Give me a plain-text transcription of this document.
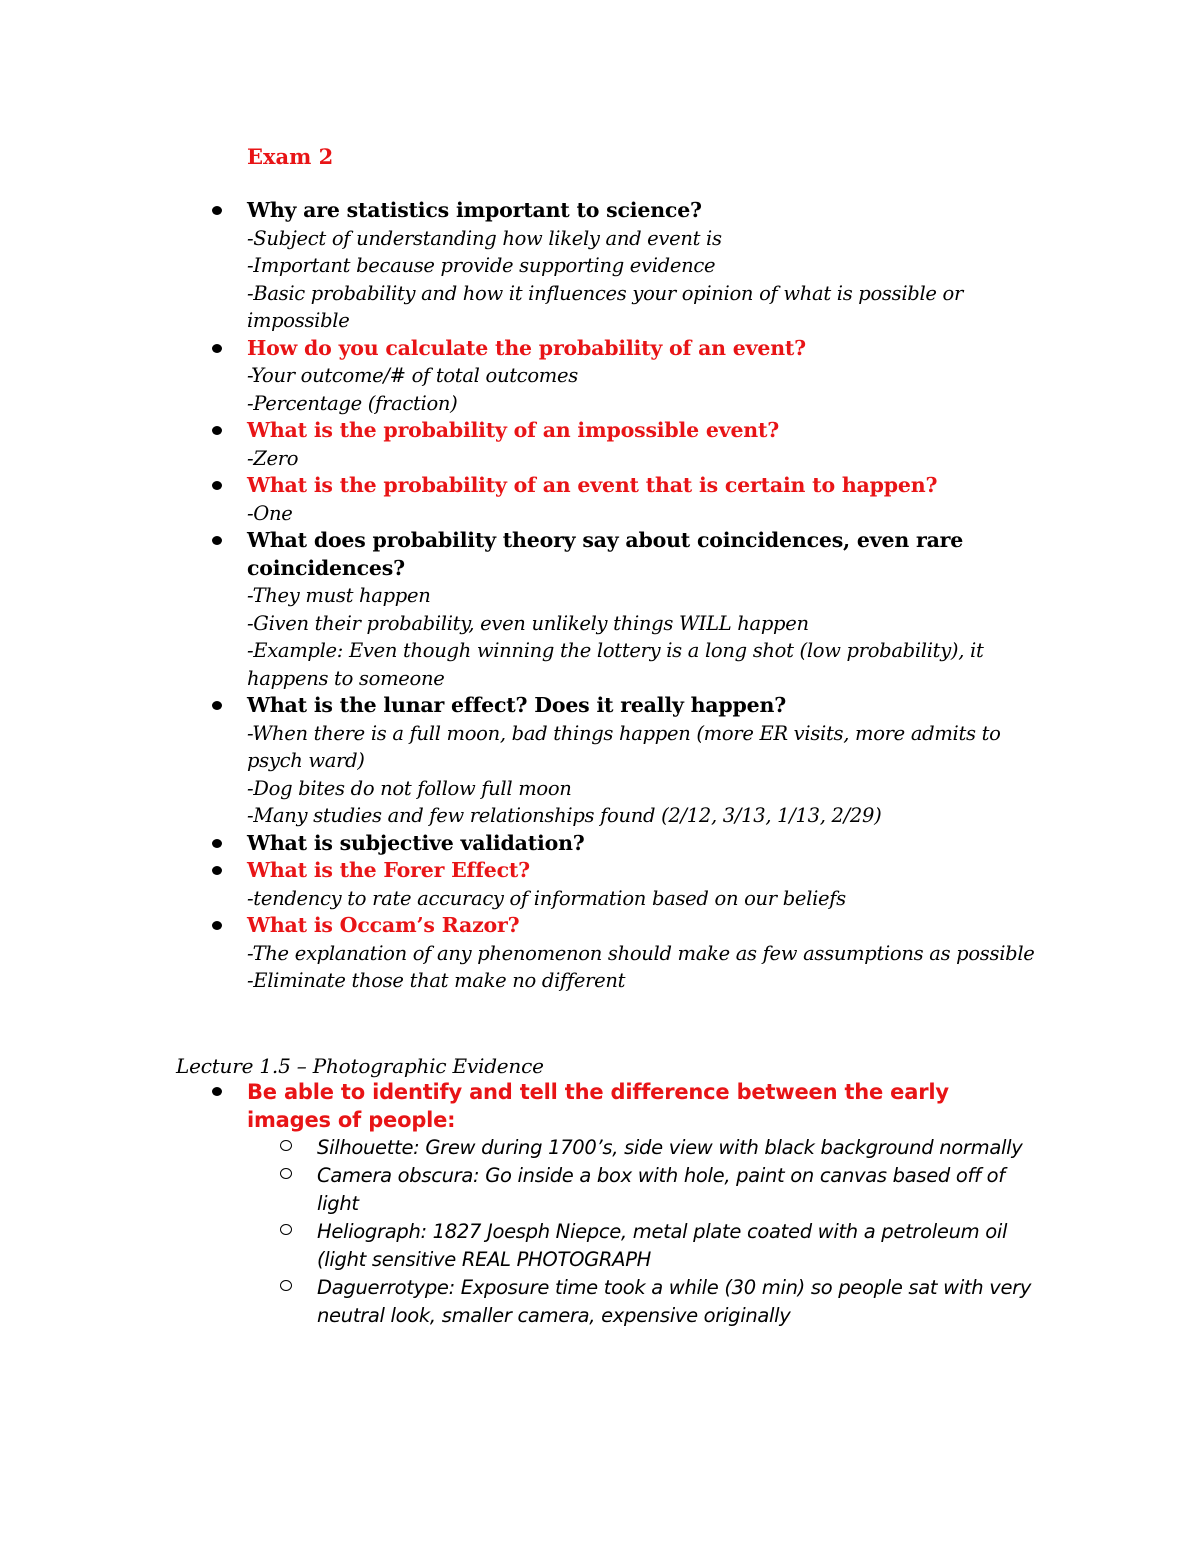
Exam 2
Why are statistics important to science?
-Subject of understanding how likely and event is
-Important because provide supporting evidence
-Basic probability and how it influences your opinion of what is possible or impossible
How do you calculate the probability of an event?
-Your outcome/# of total outcomes
-Percentage (fraction)
What is the probability of an impossible event?
-Zero
What is the probability of an event that is certain to happen?
-One
What does probability theory say about coincidences, even rare coincidences?
-They must happen
-Given their probability, even unlikely things WILL happen
-Example: Even though winning the lottery is a long shot (low probability), it happens to someone
What is the lunar effect? Does it really happen?
-When there is a full moon, bad things happen (more ER visits, more admits to psych ward)
-Dog bites do not follow full moon
-Many studies and few relationships found (2/12, 3/13, 1/13, 2/29)
What is subjective validation?
What is the Forer Effect?
-tendency to rate accuracy of information based on our beliefs
What is Occam’s Razor?
-The explanation of any phenomenon should make as few assumptions as possible
-Eliminate those that make no different
Lecture 1.5 – Photographic Evidence
Be able to identify and tell the difference between the early images of people:
Silhouette: Grew during 1700’s, side view with black background normally
Camera obscura: Go inside a box with hole, paint on canvas based off of light
Heliograph: 1827 Joesph Niepce, metal plate coated with a petroleum oil (light sensitive REAL PHOTOGRAPH
Daguerrotype: Exposure time took a while (30 min) so people sat with very neutral look, smaller camera, expensive originally
